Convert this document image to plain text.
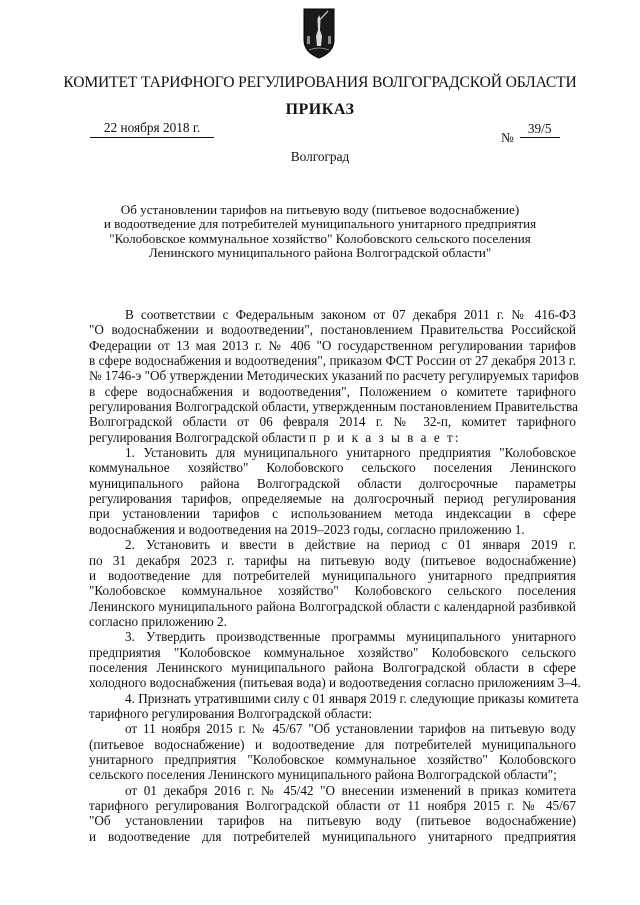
КОМИТЕТ ТАРИФНОГО РЕГУЛИРОВАНИЯ ВОЛГОГРАДСКОЙ ОБЛАСТИ
ПРИКАЗ
22 ноября 2018 г.
№39/5
Волгоград
Об установлении тарифов на питьевую воду (питьевое водоснабжение)
и водоотведение для потребителей муниципального унитарного предприятия
"Колобовское коммунальное хозяйство" Колобовского сельского поселения
Ленинского муниципального района Волгоградской области"
В соответствии с Федеральным законом от 07 декабря 2011 г. № 416-ФЗ
"О водоснабжении и водоотведении", постановлением Правительства Российской
Федерации от 13 мая 2013 г. № 406 "О государственном регулировании тарифов
в сфере водоснабжения и водоотведения", приказом ФСТ России от 27 декабря 2013 г.
№ 1746-э "Об утверждении Методических указаний по расчету регулируемых тарифов
в сфере водоснабжения и водоотведения", Положением о комитете тарифного
регулирования Волгоградской области, утвержденным постановлением Правительства
Волгоградской области от 06 февраля 2014 г. № 32-п, комитет тарифного
регулирования Волгоградской области п р и к а з ы в а е т:
1. Установить для муниципального унитарного предприятия "Колобовское
коммунальное хозяйство" Колобовского сельского поселения Ленинского
муниципального района Волгоградской области долгосрочные параметры
регулирования тарифов, определяемые на долгосрочный период регулирования
при установлении тарифов с использованием метода индексации в сфере
водоснабжения и водоотведения на 2019–2023 годы, согласно приложению 1.
2. Установить и ввести в действие на период с 01 января 2019 г.
по 31 декабря 2023 г. тарифы на питьевую воду (питьевое водоснабжение)
и водоотведение для потребителей муниципального унитарного предприятия
"Колобовское коммунальное хозяйство" Колобовского сельского поселения
Ленинского муниципального района Волгоградской области с календарной разбивкой
согласно приложению 2.
3. Утвердить производственные программы муниципального унитарного
предприятия "Колобовское коммунальное хозяйство" Колобовского сельского
поселения Ленинского муниципального района Волгоградской области в сфере
холодного водоснабжения (питьевая вода) и водоотведения согласно приложениям 3–4.
4. Признать утратившими силу с 01 января 2019 г. следующие приказы комитета
тарифного регулирования Волгоградской области:
от 11 ноября 2015 г. № 45/67 "Об установлении тарифов на питьевую воду
(питьевое водоснабжение) и водоотведение для потребителей муниципального
унитарного предприятия "Колобовское коммунальное хозяйство" Колобовского
сельского поселения Ленинского муниципального района Волгоградской области";
от 01 декабря 2016 г. № 45/42 "О внесении изменений в приказ комитета
тарифного регулирования Волгоградской области от 11 ноября 2015 г. № 45/67
"Об установлении тарифов на питьевую воду (питьевое водоснабжение)
и водоотведение для потребителей муниципального унитарного предприятия
